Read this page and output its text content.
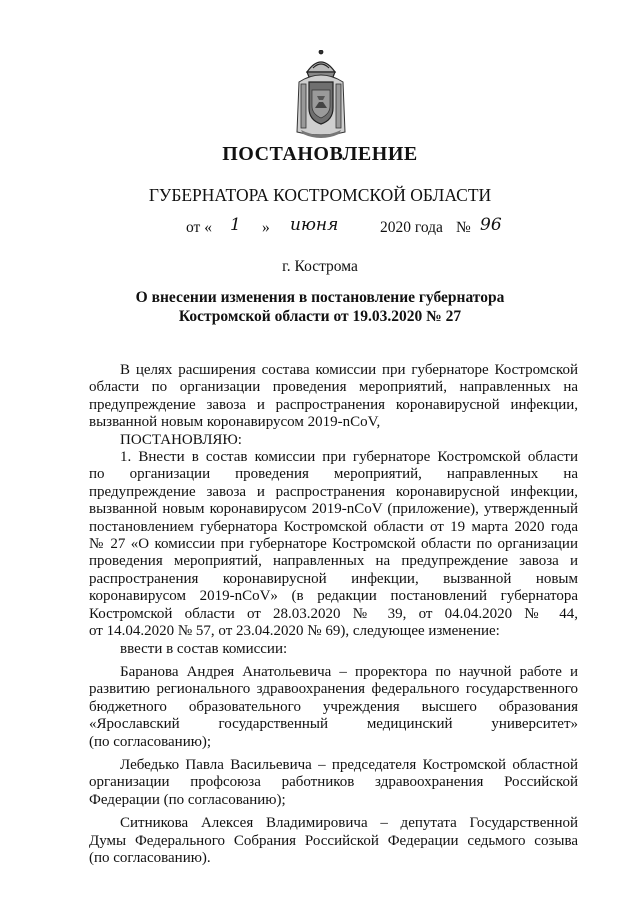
ПОСТАНОВЛЕНИЕ
ГУБЕРНАТОРА КОСТРОМСКОЙ ОБЛАСТИ
от « 1 » июня	2020 года № 96
г. Кострома
О внесении изменения в постановление губернатора
Костромской области от 19.03.2020 № 27
В целях расширения состава комиссии при губернаторе Костромской
области по организации проведения мероприятий, направленных на
предупреждение завоза и распространения коронавирусной инфекции,
вызванной новым коронавирусом 2019-nCoV,
ПОСТАНОВЛЯЮ:
1. Внести в состав комиссии при губернаторе Костромской области
по организации проведения мероприятий, направленных на
предупреждение завоза и распространения коронавирусной инфекции,
вызванной новым коронавирусом 2019-nCoV (приложение), утвержденный
постановлением губернатора Костромской области от 19 марта 2020 года
№ 27 «О комиссии при губернаторе Костромской области по организации
проведения мероприятий, направленных на предупреждение завоза и
распространения коронавирусной инфекции, вызванной новым
коронавирусом 2019-nCoV» (в редакции постановлений губернатора
Костромской области от 28.03.2020 № 39, от 04.04.2020 № 44,
от 14.04.2020 № 57, от 23.04.2020 № 69), следующее изменение:
ввести в состав комиссии:
Баранова Андрея Анатольевича – проректора по научной работе и
развитию регионального здравоохранения федерального государственного
бюджетного образовательного учреждения высшего образования
«Ярославский государственный медицинский университет»
(по согласованию);
Лебедько Павла Васильевича – председателя Костромской областной
организации профсоюза работников здравоохранения Российской
Федерации (по согласованию);
Ситникова Алексея Владимировича – депутата Государственной
Думы Федерального Собрания Российской Федерации седьмого созыва
(по согласованию).
